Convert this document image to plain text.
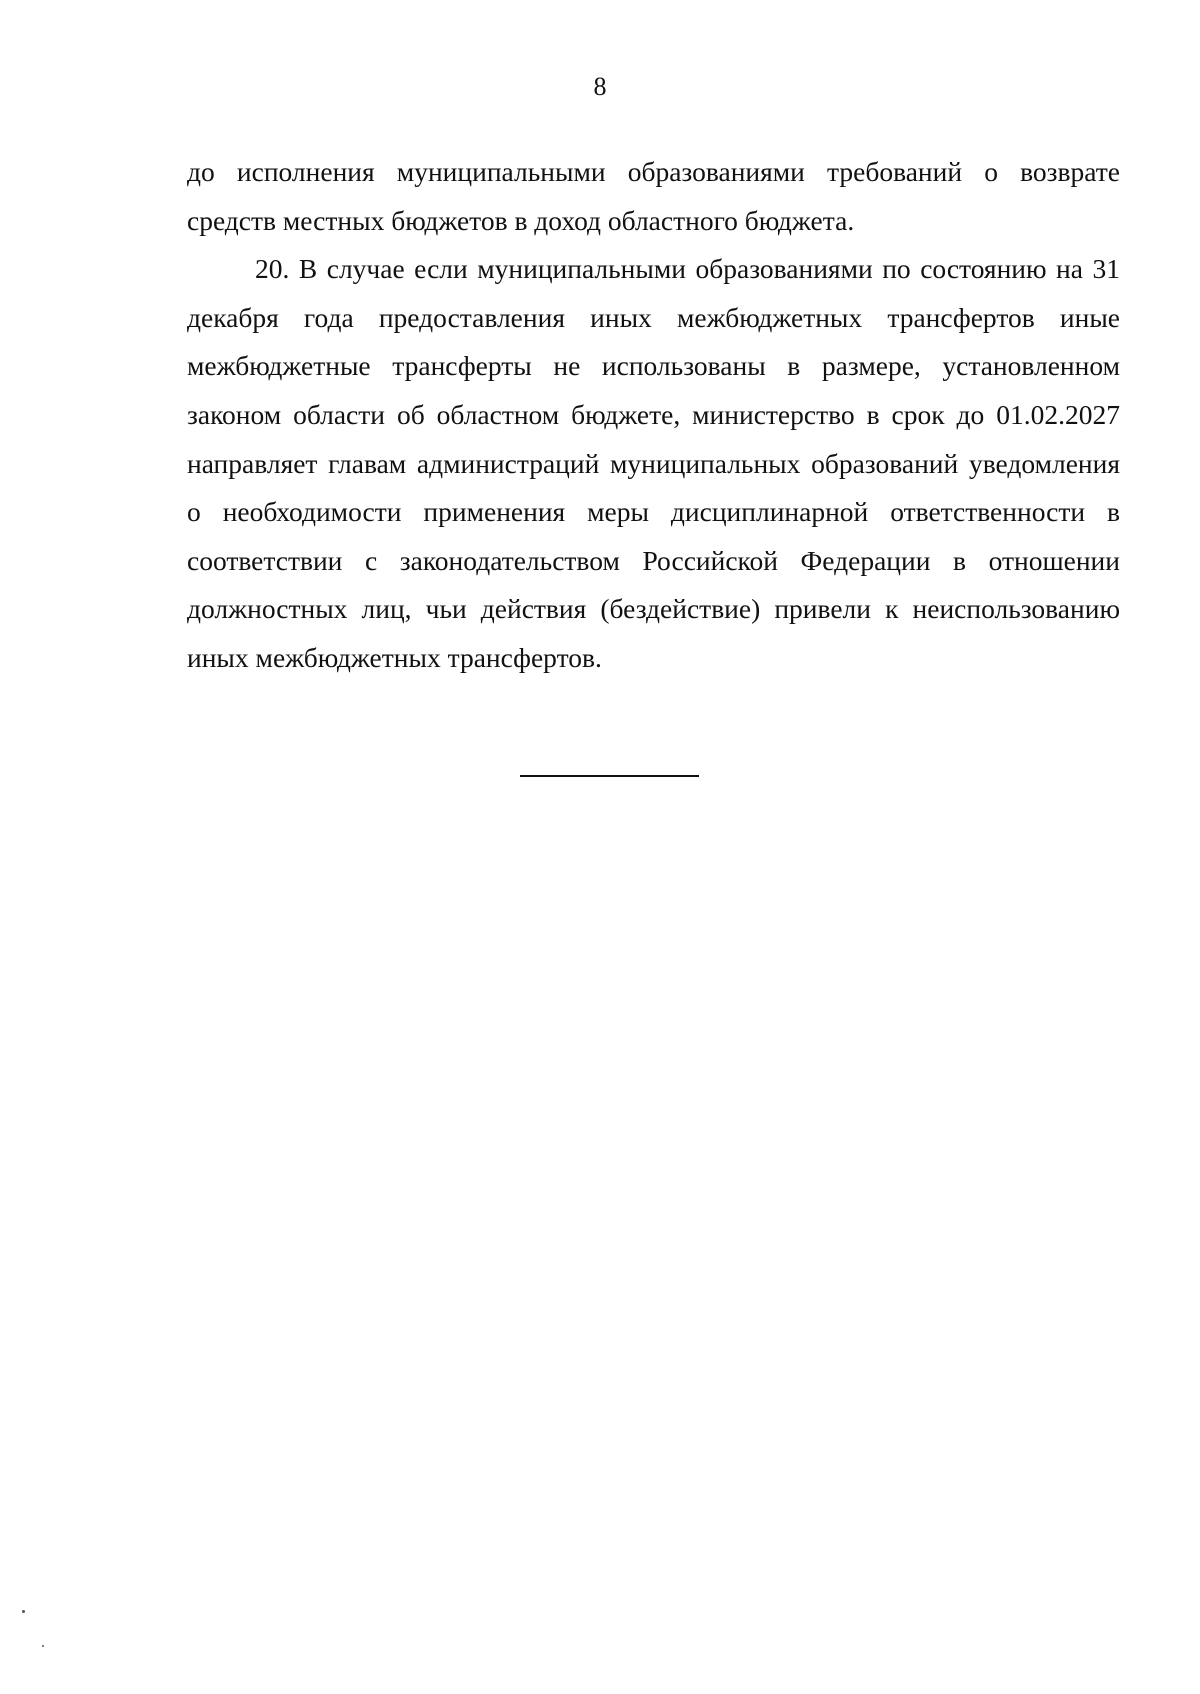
8

до исполнения муниципальными образованиями требований о возврате средств местных бюджетов в доход областного бюджета.

20. В случае если муниципальными образованиями по состоянию на 31 декабря года предоставления иных межбюджетных трансфертов иные межбюджетные трансферты не использованы в размере, установленном законом области об областном бюджете, министерство в срок до 01.02.2027 направляет главам администраций муниципальных образований уведомления о необходимости применения меры дисциплинарной ответственности в соответствии с законодательством Российской Федерации в отношении должностных лиц, чьи действия (бездействие) привели к неиспользованию иных межбюджетных трансфертов.
